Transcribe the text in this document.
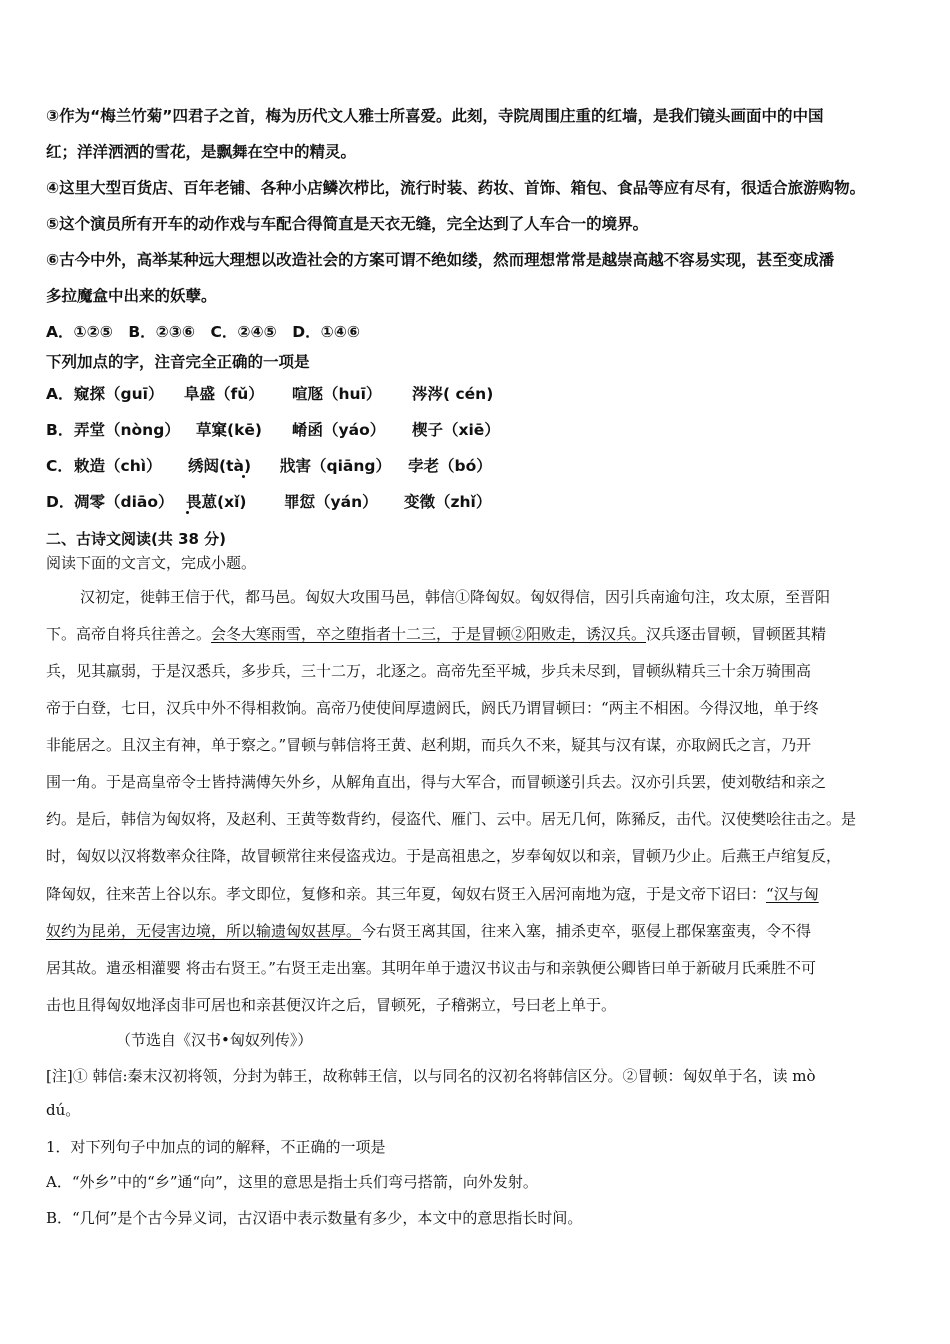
③作为“梅兰竹菊”四君子之首，梅为历代文人雅士所喜爱。此刻，寺院周围庄重的红墙，是我们镜头画面中的中国
红；洋洋洒洒的雪花，是飘舞在空中的精灵。
④这里大型百货店、百年老铺、各种小店鳞次栉比，流行时装、药妆、首饰、箱包、食品等应有尽有，很适合旅游购物。
⑤这个演员所有开车的动作戏与车配合得简直是天衣无缝，完全达到了人车合一的境界。
⑥古今中外，高举某种远大理想以改造社会的方案可谓不绝如缕，然而理想常常是越崇高越不容易实现，甚至变成潘
多拉魔盒中出来的妖孽。
A．①②⑤　B．②③⑥　C．②④⑤　D．①④⑥
下列加点的字，注音完全正确的一项是
A． 窥探（guī） 阜盛（fǔ） 喧豗（huī） 涔涔( cén)
B． 弄堂（nòng） 草窠(kē) 崤函（yáo） 楔子（xiē）
C． 敕造（chì） 绣闼(tà) 戕害（qiāng） 孛老（bó）
D． 凋零（diāo） 畏葸(xǐ) 罪愆（yán） 变徵（zhǐ）
二、古诗文阅读(共 38 分)
阅读下面的文言文，完成小题。
汉初定，徙韩王信于代，都马邑。匈奴大攻围马邑，韩信①降匈奴。匈奴得信，因引兵南逾句注，攻太原，至晋阳
下。高帝自将兵往善之。会冬大寒雨雪，卒之堕指者十二三，于是冒顿②阳败走，诱汉兵。汉兵逐击冒顿，冒顿匿其精
兵，见其羸弱，于是汉悉兵，多步兵，三十二万，北逐之。高帝先至平城，步兵未尽到，冒顿纵精兵三十余万骑围高
帝于白登，七日，汉兵中外不得相救饷。高帝乃使使间厚遗阏氏，阏氏乃谓冒顿曰：“两主不相困。今得汉地，单于终
非能居之。且汉主有神，单于察之。”冒顿与韩信将王黄、赵利期，而兵久不来，疑其与汉有谋，亦取阏氏之言，乃开
围一角。于是高皇帝令士皆持满傅矢外乡，从解角直出，得与大军合，而冒顿遂引兵去。汉亦引兵罢，使刘敬结和亲之
约。是后，韩信为匈奴将，及赵利、王黄等数背约，侵盗代、雁门、云中。居无几何，陈豨反，击代。汉使樊哙往击之。是
时，匈奴以汉将数率众往降，故冒顿常往来侵盗戎边。于是高祖患之，岁奉匈奴以和亲，冒顿乃少止。后燕王卢绾复反，
降匈奴，往来苦上谷以东。孝文即位，复修和亲。其三年夏，匈奴右贤王入居河南地为寇，于是文帝下诏曰：“汉与匈
奴约为昆弟，无侵害边境，所以输遗匈奴甚厚。今右贤王离其国，往来入塞，捕杀吏卒，驱侵上郡保塞蛮夷，令不得
居其故。遣丞相灌婴 将击右贤王。”右贤王走出塞。其明年单于遗汉书议击与和亲孰便公卿皆曰单于新破月氏乘胜不可
击也且得匈奴地泽卤非可居也和亲甚便汉许之后，冒顿死，子稽粥立，号曰老上单于。
（节选自《汉书•匈奴列传》）
[注]① 韩信:秦末汉初将领，分封为韩王，故称韩王信，以与同名的汉初名将韩信区分。②冒顿：匈奴单于名，读 mò
dú。
1．对下列句子中加点的词的解释，不正确的一项是
A．“外乡”中的“乡”通“向”，这里的意思是指士兵们弯弓搭箭，向外发射。
B．“几何”是个古今异义词，古汉语中表示数量有多少，本文中的意思指长时间。
